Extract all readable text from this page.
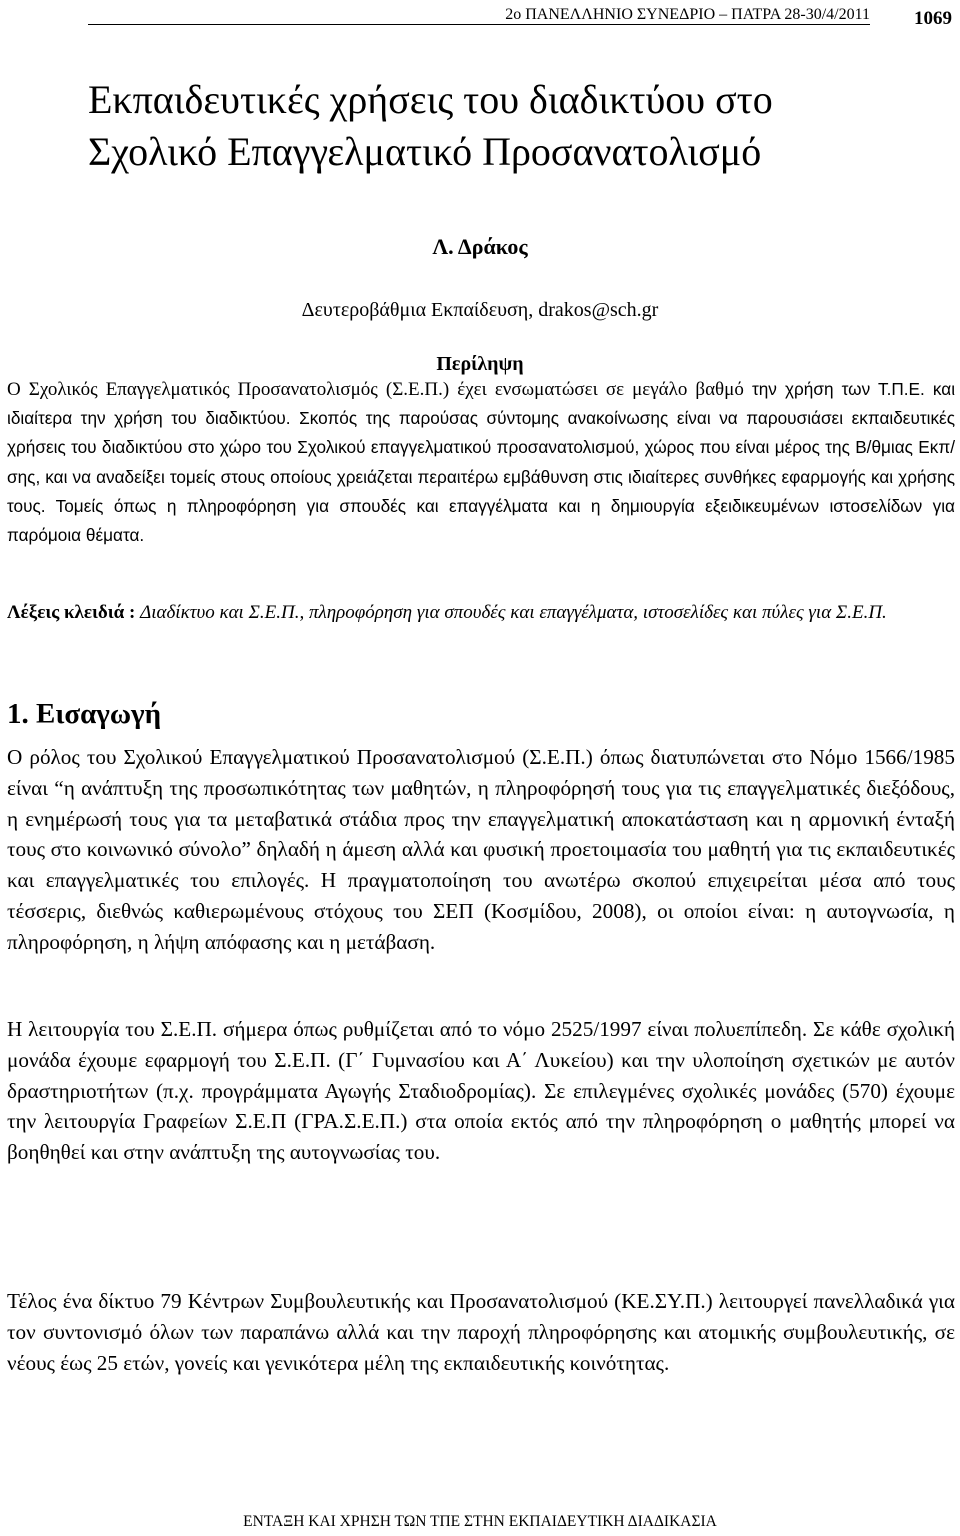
2ο ΠΑΝΕΛΛΗΝΙΟ ΣΥΝΕΔΡΙΟ – ΠΑΤΡΑ 28-30/4/2011 1069
Εκπαιδευτικές χρήσεις του διαδικτύου στο Σχολικό Επαγγελματικό Προσανατολισμό
Λ. Δράκος
Δευτεροβάθμια Εκπαίδευση, drakos@sch.gr
Περίληψη

Ο Σχολικός Επαγγελματικός Προσανατολισμός (Σ.Ε.Π.) έχει ενσωματώσει σε μεγάλο βαθμό την χρήση των Τ.Π.Ε. και ιδιαίτερα την χρήση του διαδικτύου. Σκοπός της παρούσας σύντομης ανακοίνωσης είναι να παρουσιάσει εκπαιδευτικές χρήσεις του διαδικτύου στο χώρο του Σχολικού επαγγελματικού προσανατολισμού, χώρος που είναι μέρος της Β/θμιας Εκπ/σης, και να αναδείξει τομείς στους οποίους χρειάζεται περαιτέρω εμβάθυνση στις ιδιαίτερες συνθήκες εφαρμογής και χρήσης τους. Τομείς όπως η πληροφόρηση για σπουδές και επαγγέλματα και η δημιουργία εξειδικευμένων ιστοσελίδων για παρόμοια θέματα.

Λέξεις κλειδιά : Διαδίκτυο και Σ.Ε.Π., πληροφόρηση για σπουδές και επαγγέλματα, ιστοσελίδες και πύλες για Σ.Ε.Π.

1. Εισαγωγή

Ο ρόλος του Σχολικού Επαγγελματικού Προσανατολισμού (Σ.Ε.Π.) όπως διατυπώνεται στο Νόμο 1566/1985 είναι “η ανάπτυξη της προσωπικότητας των μαθητών, η πληροφόρησή τους για τις επαγγελματικές διεξόδους, η ενημέρωσή τους για τα μεταβατικά στάδια προς την επαγγελματική αποκατάσταση και η αρμονική ένταξή τους στο κοινωνικό σύνολο” δηλαδή η άμεση αλλά και φυσική προετοιμασία του μαθητή για τις εκπαιδευτικές και επαγγελματικές του επιλογές. Η πραγματοποίηση του ανωτέρω σκοπού επιχειρείται μέσα από τους τέσσερις, διεθνώς καθιερωμένους στόχους του ΣΕΠ (Κοσμίδου, 2008), οι οποίοι είναι: η αυτογνωσία, η πληροφόρηση, η λήψη απόφασης και η μετάβαση.

Η λειτουργία του Σ.Ε.Π. σήμερα όπως ρυθμίζεται από το νόμο 2525/1997 είναι πολυεπίπεδη. Σε κάθε σχολική μονάδα έχουμε εφαρμογή του Σ.Ε.Π. (Γ΄ Γυμνασίου και Α΄ Λυκείου) και την υλοποίηση σχετικών με αυτόν δραστηριοτήτων (π.χ. προγράμματα Αγωγής Σταδιοδρομίας). Σε επιλεγμένες σχολικές μονάδες (570) έχουμε την λειτουργία Γραφείων Σ.Ε.Π (ΓΡΑ.Σ.Ε.Π.) στα οποία εκτός από την πληροφόρηση ο μαθητής μπορεί να βοηθηθεί και στην ανάπτυξη της αυτογνωσίας του.

Τέλος ένα δίκτυο 79 Κέντρων Συμβουλευτικής και Προσανατολισμού (ΚΕ.ΣΥ.Π.) λειτουργεί πανελλαδικά για τον συντονισμό όλων των παραπάνω αλλά και την παροχή πληροφόρησης και ατομικής συμβουλευτικής, σε νέους έως 25 ετών, γονείς και γενικότερα μέλη της εκπαιδευτικής κοινότητας.

ΕΝΤΑΞΗ ΚΑΙ ΧΡΗΣΗ ΤΩΝ ΤΠΕ ΣΤΗΝ ΕΚΠΑΙΔΕΥΤΙΚΗ ΔΙΑΔΙΚΑΣΙΑ
